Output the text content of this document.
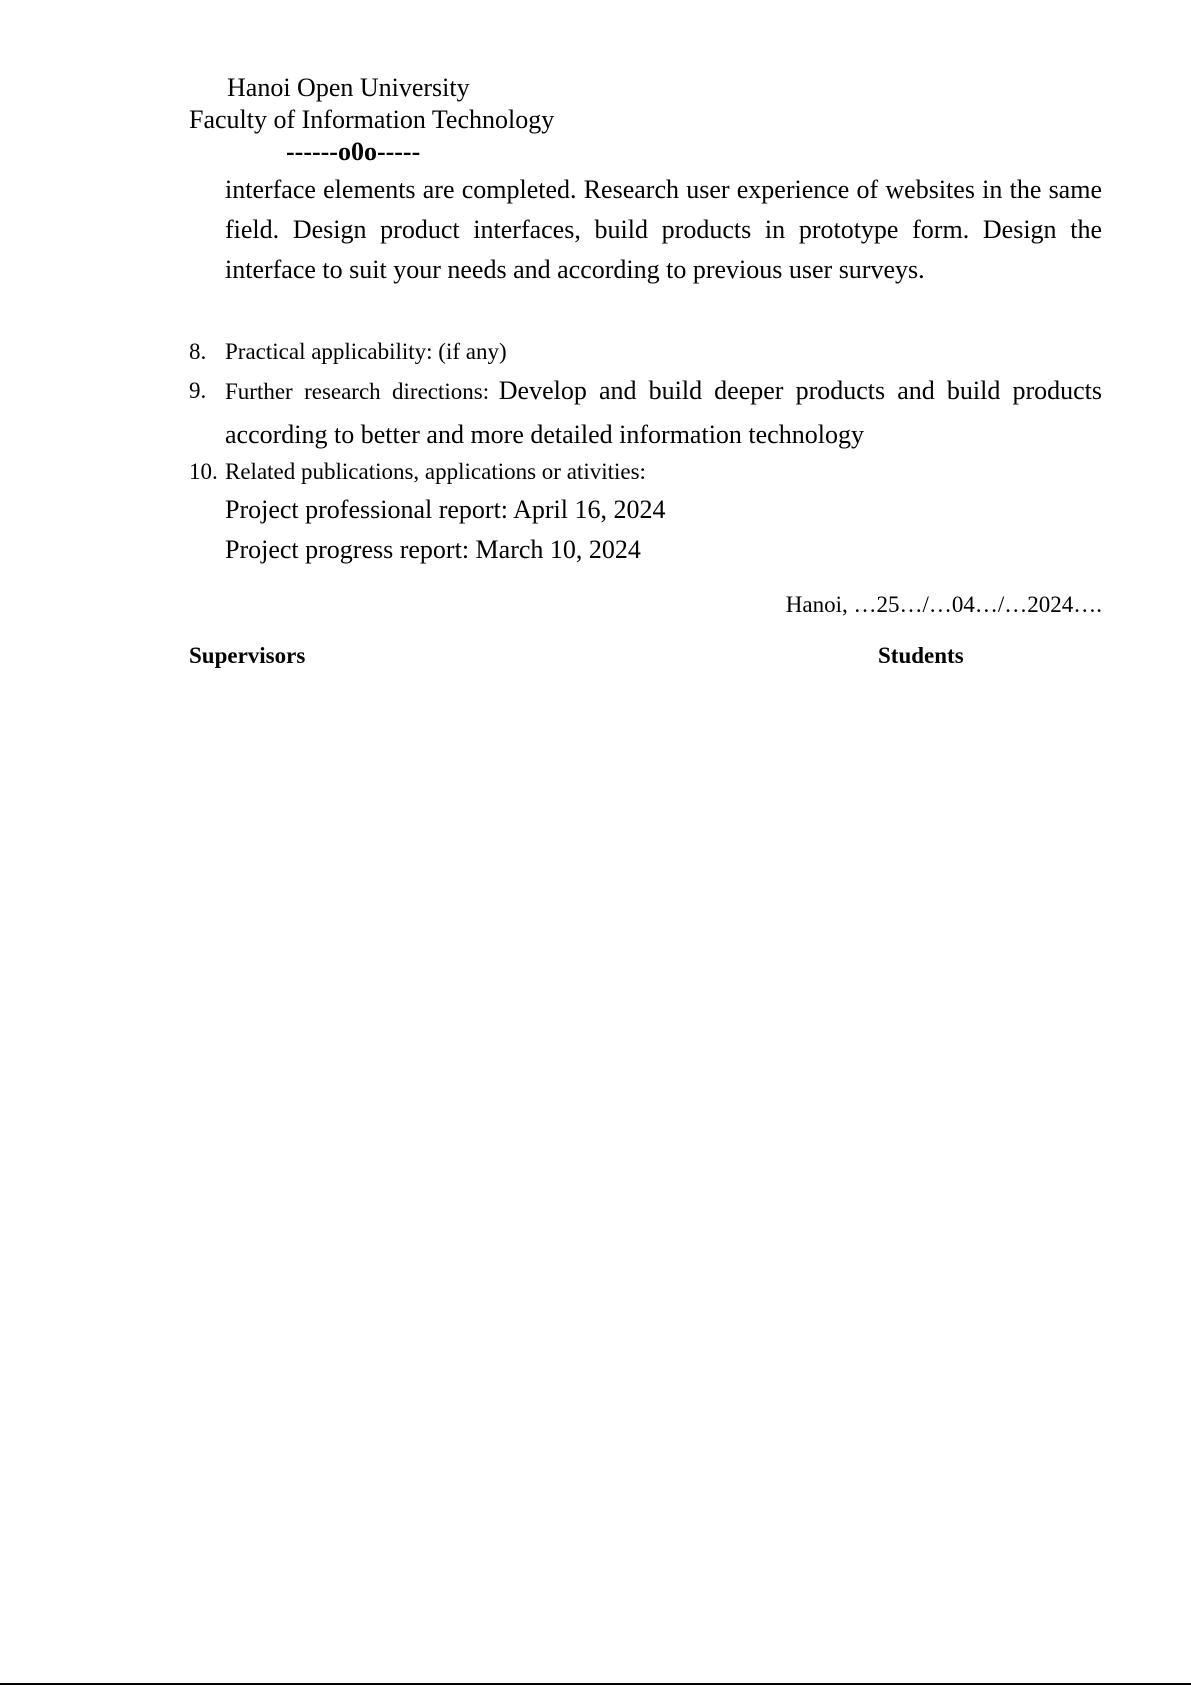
Hanoi Open University
Faculty of Information Technology
------o0o-----
interface elements are completed. Research user experience of websites in the same field. Design product interfaces, build products in prototype form. Design the interface to suit your needs and according to previous user surveys.
8. Practical applicability: (if any)
9. Further research directions: Develop and build deeper products and build products according to better and more detailed information technology
10. Related publications, applications or ativities:
Project professional report: April 16, 2024
Project progress report: March 10, 2024
Hanoi, …25…/…04…/…2024….
Supervisors	Students
